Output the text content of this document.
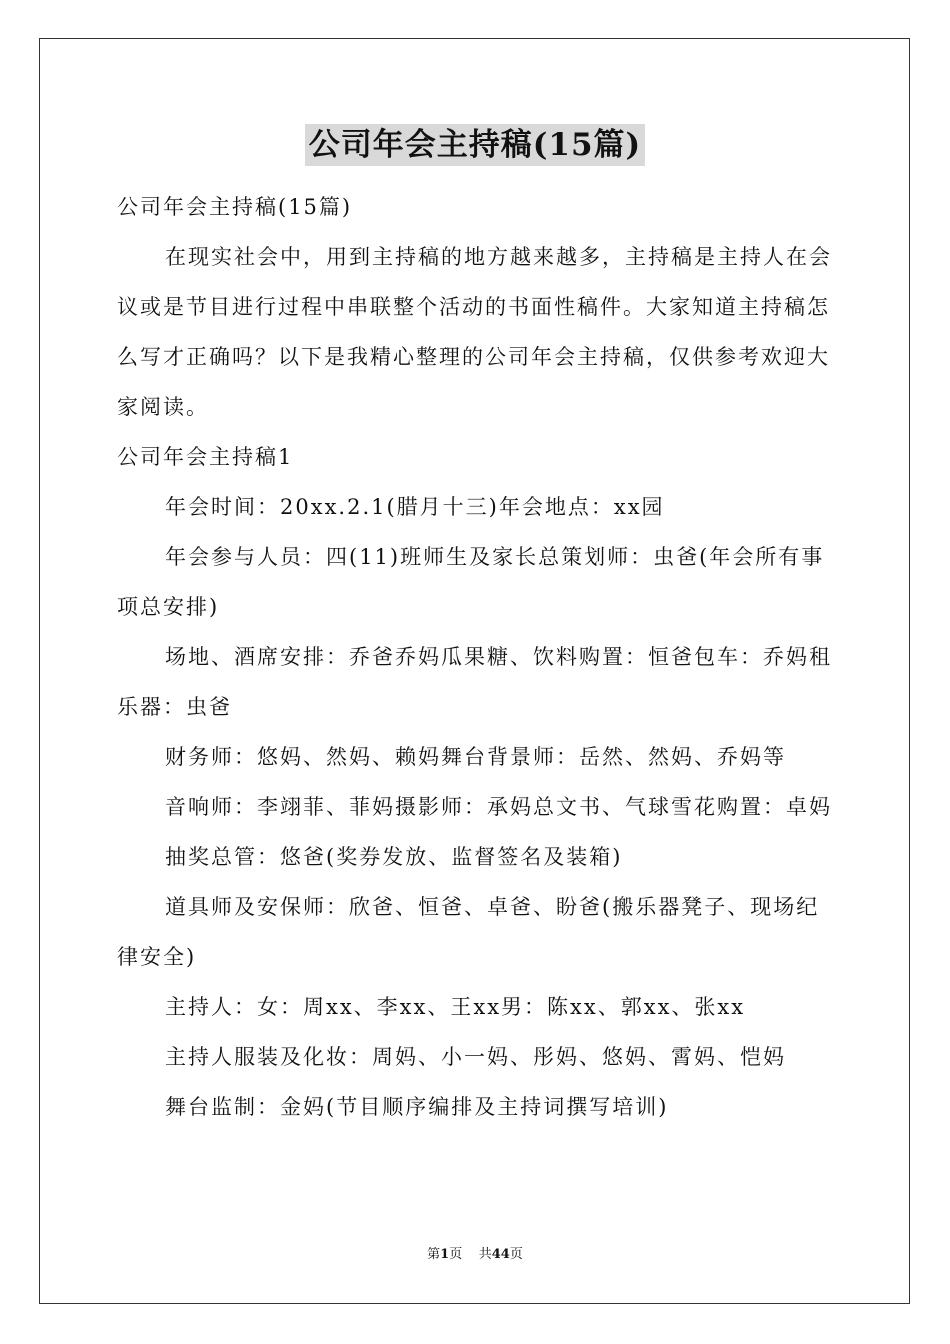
公司年会主持稿(15篇)

公司年会主持稿(15篇)

在现实社会中，用到主持稿的地方越来越多，主持稿是主持人在会议或是节目进行过程中串联整个活动的书面性稿件。大家知道主持稿怎么写才正确吗？以下是我精心整理的公司年会主持稿，仅供参考欢迎大家阅读。

公司年会主持稿1

年会时间：20xx.2.1(腊月十三)年会地点：xx园

年会参与人员：四(11)班师生及家长总策划师：虫爸(年会所有事项总安排)

场地、酒席安排：乔爸乔妈瓜果糖、饮料购置：恒爸包车：乔妈租乐器：虫爸

财务师：悠妈、然妈、赖妈舞台背景师：岳然、然妈、乔妈等

音响师：李翊菲、菲妈摄影师：承妈总文书、气球雪花购置：卓妈

抽奖总管：悠爸(奖券发放、监督签名及装箱)

道具师及安保师：欣爸、恒爸、卓爸、盼爸(搬乐器凳子、现场纪律安全)

主持人：女：周xx、李xx、王xx男：陈xx、郭xx、张xx

主持人服装及化妆：周妈、小一妈、彤妈、悠妈、霄妈、恺妈

舞台监制：金妈(节目顺序编排及主持词撰写培训)

第1页 共44页
